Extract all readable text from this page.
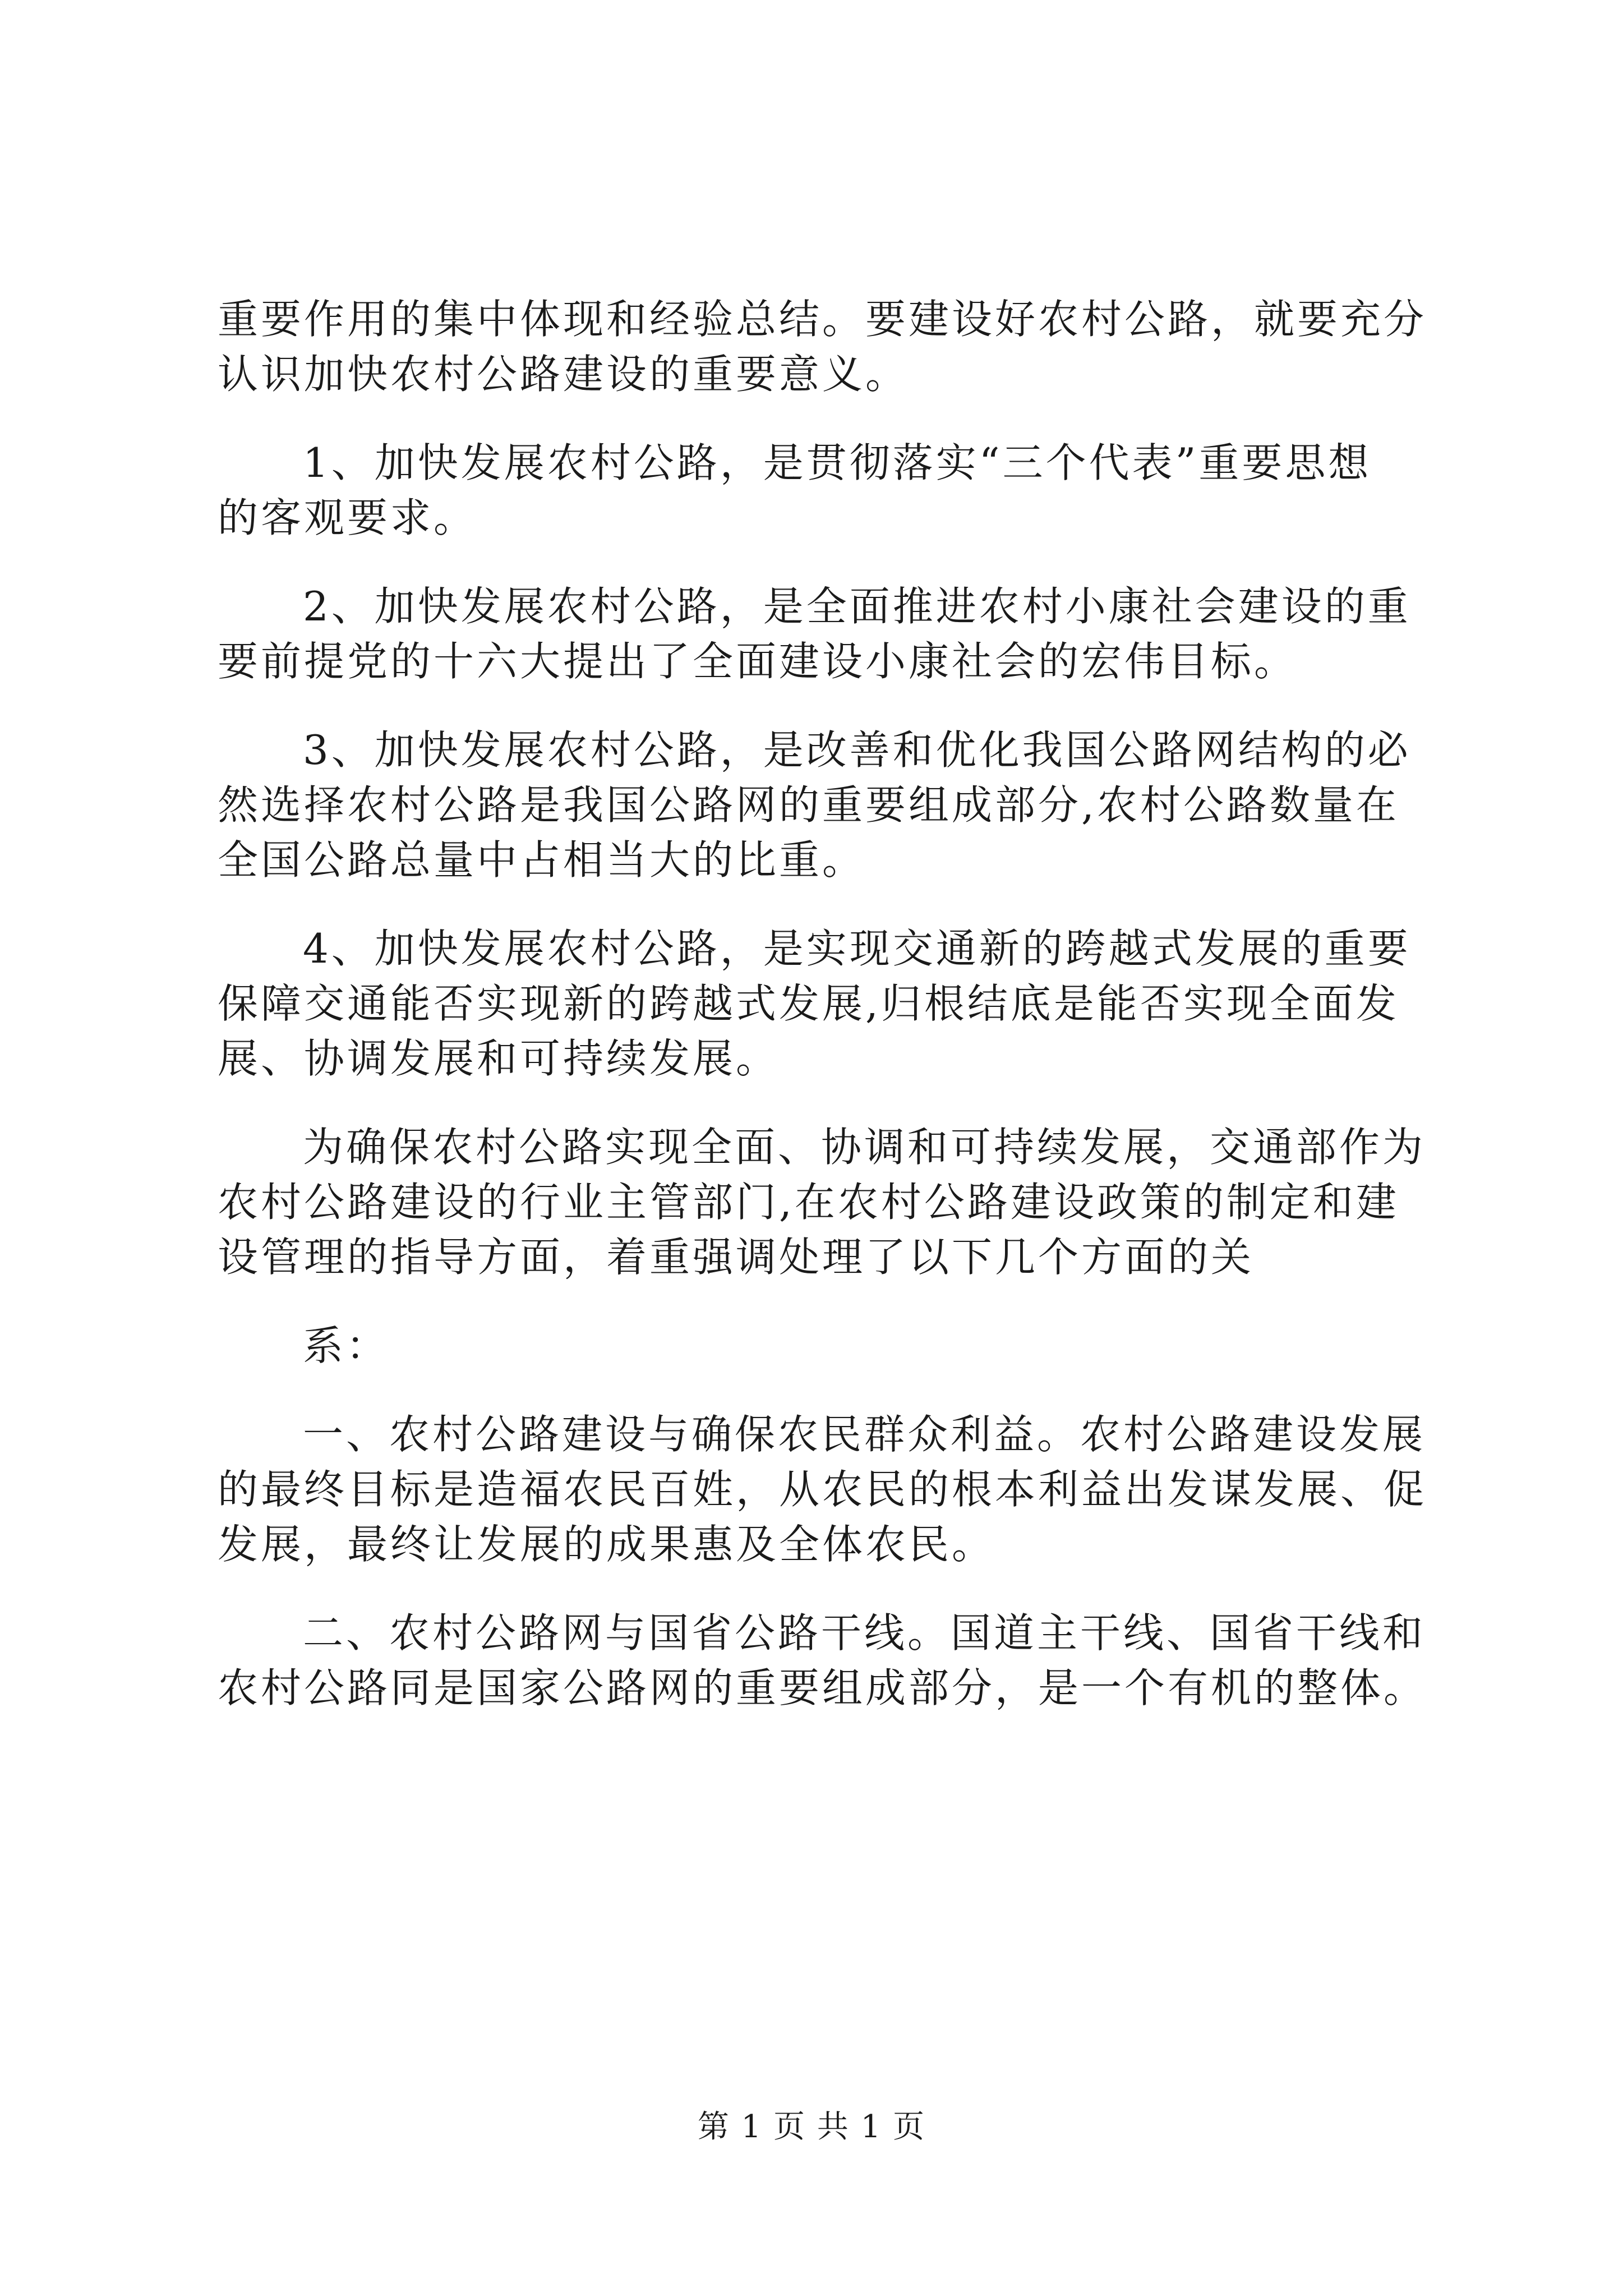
重要作用的集中体现和经验总结。要建设好农村公路，就要充分
认识加快农村公路建设的重要意义。
1、加快发展农村公路，是贯彻落实“三个代表”重要思想
的客观要求。
2、加快发展农村公路，是全面推进农村小康社会建设的重
要前提党的十六大提出了全面建设小康社会的宏伟目标。
3、加快发展农村公路，是改善和优化我国公路网结构的必
然选择农村公路是我国公路网的重要组成部分,农村公路数量在
全国公路总量中占相当大的比重。
4、加快发展农村公路，是实现交通新的跨越式发展的重要
保障交通能否实现新的跨越式发展,归根结底是能否实现全面发
展、协调发展和可持续发展。
为确保农村公路实现全面、协调和可持续发展，交通部作为
农村公路建设的行业主管部门,在农村公路建设政策的制定和建
设管理的指导方面，着重强调处理了以下几个方面的关
系：
一、农村公路建设与确保农民群众利益。农村公路建设发展
的最终目标是造福农民百姓，从农民的根本利益出发谋发展、促
发展，最终让发展的成果惠及全体农民。
二、农村公路网与国省公路干线。国道主干线、国省干线和
农村公路同是国家公路网的重要组成部分，是一个有机的整体。
第 1 页 共 1 页
